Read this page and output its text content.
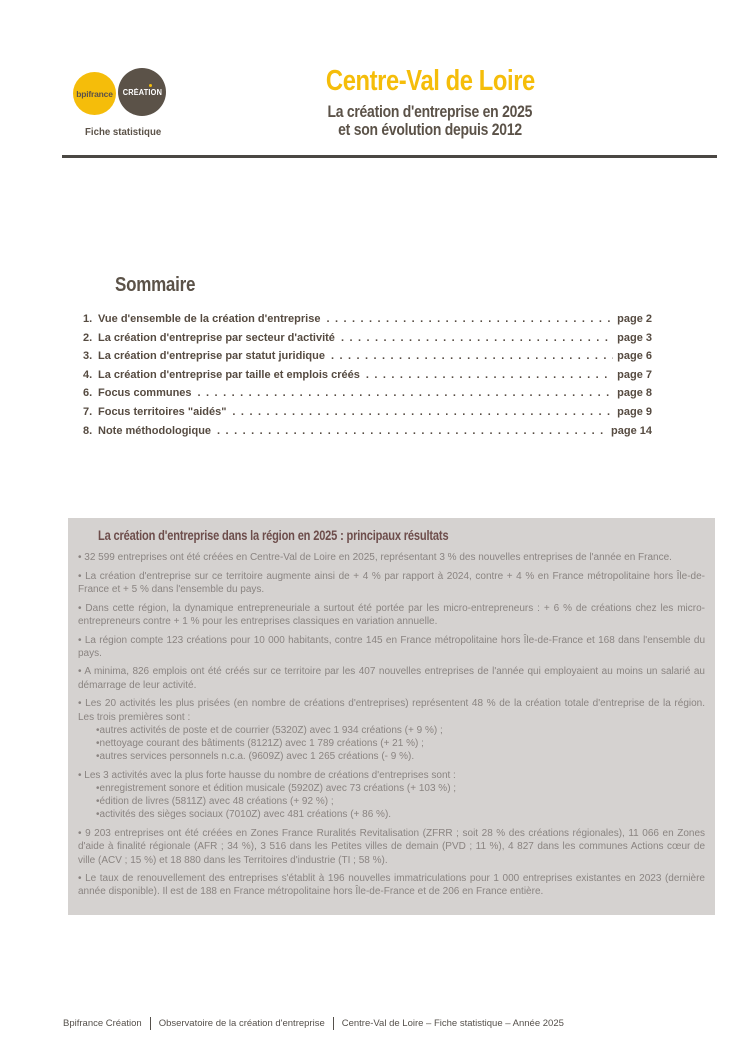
bpifrance CRÉATION
Fiche statistique
Centre-Val de Loire
La création d'entreprise en 2025
et son évolution depuis 2012
Sommaire
1. Vue d'ensemble de la création d'entreprise . . .	page 2
2. La création d'entreprise par secteur d'activité . . .	page 3
3. La création d'entreprise par statut juridique . . .	page 6
4. La création d'entreprise par taille et emplois créés . . .	page 7
6. Focus communes . . .	page 8
7. Focus territoires "aidés" . . .	page 9
8. Note méthodologique . . .	page 14
La création d'entreprise dans la région en 2025 : principaux résultats
• 32 599 entreprises ont été créées en Centre-Val de Loire en 2025, représentant 3 % des nouvelles entreprises de l'année en France.
• La création d'entreprise sur ce territoire augmente ainsi de + 4 % par rapport à 2024, contre + 4 % en France métropolitaine hors Île-de-France et + 5 % dans l'ensemble du pays.
• Dans cette région, la dynamique entrepreneuriale a surtout été portée par les micro-entrepreneurs : + 6 % de créations chez les micro-entrepreneurs contre + 1 % pour les entreprises classiques en variation annuelle.
• La région compte 123 créations pour 10 000 habitants, contre 145 en France métropolitaine hors Île-de-France et 168 dans l'ensemble du pays.
• A minima, 826 emplois ont été créés sur ce territoire par les 407 nouvelles entreprises de l'année qui employaient au moins un salarié au démarrage de leur activité.
• Les 20 activités les plus prisées (en nombre de créations d'entreprises) représentent 48 % de la création totale d'entreprise de la région. Les trois premières sont :
• autres activités de poste et de courrier (5320Z) avec 1 934 créations (+ 9 %) ;
• nettoyage courant des bâtiments (8121Z) avec 1 789 créations (+ 21 %) ;
• autres services personnels n.c.a. (9609Z) avec 1 265 créations (- 9 %).
• Les 3 activités avec la plus forte hausse du nombre de créations d'entreprises sont :
• enregistrement sonore et édition musicale (5920Z) avec 73 créations (+ 103 %) ;
• édition de livres (5811Z) avec 48 créations (+ 92 %) ;
• activités des sièges sociaux (7010Z) avec 481 créations (+ 86 %).
• 9 203 entreprises ont été créées en Zones France Ruralités Revitalisation (ZFRR ; soit 28 % des créations régionales), 11 066 en Zones d'aide à finalité régionale (AFR ; 34 %), 3 516 dans les Petites villes de demain (PVD ; 11 %), 4 827 dans les communes Actions cœur de ville (ACV ; 15 %) et 18 880 dans les Territoires d'industrie (TI ; 58 %).
• Le taux de renouvellement des entreprises s'établit à 196 nouvelles immatriculations pour 1 000 entreprises existantes en 2023 (dernière année disponible). Il est de 188 en France métropolitaine hors Île-de-France et de 206 en France entière.
Bpifrance Création Observatoire de la création d'entreprise Centre-Val de Loire – Fiche statistique – Année 2025
